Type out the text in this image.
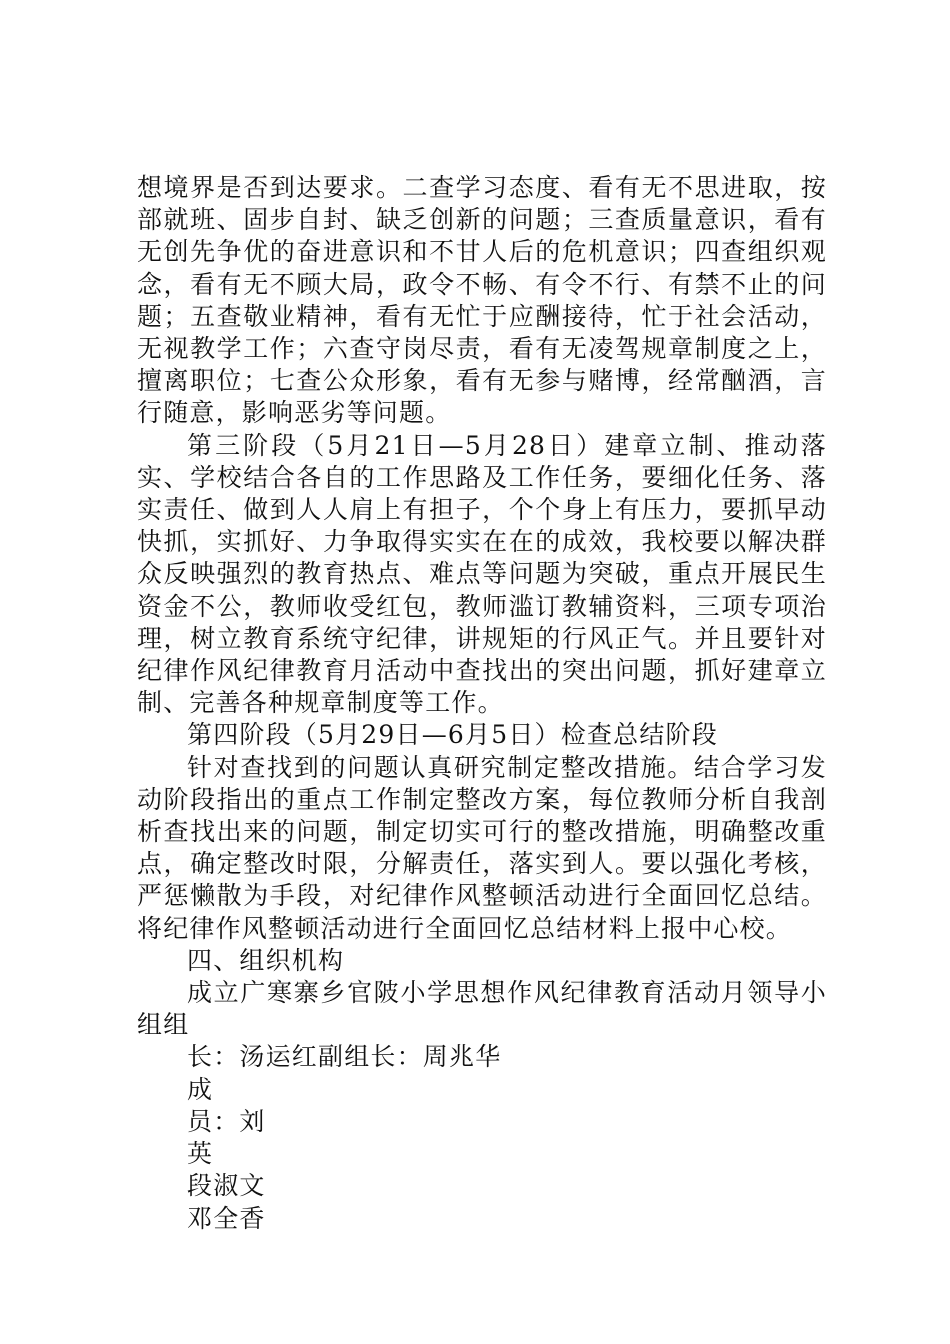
想境界是否到达要求。二查学习态度、看有无不思进取，按部就班、固步自封、缺乏创新的问题；三查质量意识，看有无创先争优的奋进意识和不甘人后的危机意识；四查组织观念，看有无不顾大局，政令不畅、有令不行、有禁不止的问题；五查敬业精神，看有无忙于应酬接待，忙于社会活动，无视教学工作；六查守岗尽责，看有无凌驾规章制度之上，擅离职位；七查公众形象，看有无参与赌博，经常酗酒，言行随意，影响恶劣等问题。

第三阶段（5月21日—5月28日）建章立制、推动落实、学校结合各自的工作思路及工作任务，要细化任务、落实责任、做到人人肩上有担子，个个身上有压力，要抓早动快抓，实抓好、力争取得实实在在的成效，我校要以解决群众反映强烈的教育热点、难点等问题为突破，重点开展民生资金不公，教师收受红包，教师滥订教辅资料，三项专项治理，树立教育系统守纪律，讲规矩的行风正气。并且要针对纪律作风纪律教育月活动中查找出的突出问题，抓好建章立制、完善各种规章制度等工作。

第四阶段（5月29日—6月5日）检查总结阶段

针对查找到的问题认真研究制定整改措施。结合学习发动阶段指出的重点工作制定整改方案，每位教师分析自我剖析查找出来的问题，制定切实可行的整改措施，明确整改重点，确定整改时限，分解责任，落实到人。要以强化考核，严惩懒散为手段，对纪律作风整顿活动进行全面回忆总结。将纪律作风整顿活动进行全面回忆总结材料上报中心校。

四、组织机构

成立广寒寨乡官陂小学思想作风纪律教育活动月领导小组组

长：汤运红副组长：周兆华

成

员：刘

英

段淑文

邓全香
